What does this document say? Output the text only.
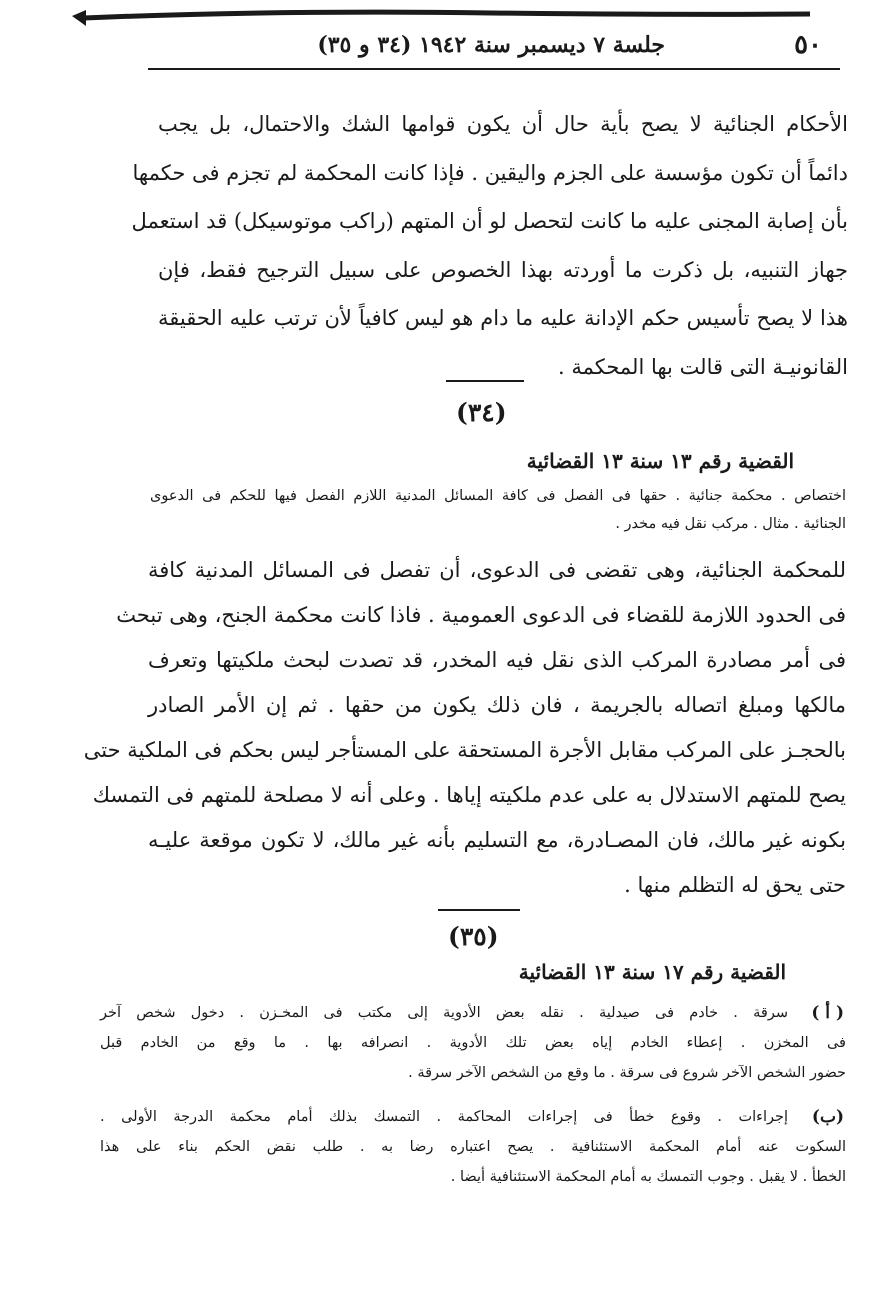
٥٠
جلسة ٧ ديسمبر سنة ١٩٤٢ (٣٤ و ٣٥)
الأحكام الجنائية لا يصح بأية حال أن يكون قوامها الشك والاحتمال، بل يجب
دائماً أن تكون مؤسسة على الجزم واليقين . فإذا كانت المحكمة لم تجزم فى حكمها
بأن إصابة المجنى عليه ما كانت لتحصل لو أن المتهم (راكب موتوسيكل) قد استعمل
جهاز التنبيه، بل ذكرت ما أوردته بهذا الخصوص على سبيل الترجيح فقط، فإن
هذا لا يصح تأسيس حكم الإدانة عليه ما دام هو ليس كافياً لأن ترتب عليه الحقيقة
القانونيـة التى قالت بها المحكمة .
(٣٤)
القضية رقم ١٣ سنة ١٣ القضائية
اختصاص . محكمة جنائية . حقها فى الفصل فى كافة المسائل المدنية اللازم الفصل فيها للحكم فى الدعوى
الجنائية . مثال . مركب نقل فيه مخدر .
للمحكمة الجنائية، وهى تقضى فى الدعوى، أن تفصل فى المسائل المدنية كافة
فى الحدود اللازمة للقضاء فى الدعوى العمومية . فاذا كانت محكمة الجنح، وهى تبحث
فى أمر مصادرة المركب الذى نقل فيه المخدر، قد تصدت لبحث ملكيتها وتعرف
مالكها ومبلغ اتصاله بالجريمة ، فان ذلك يكون من حقها . ثم إن الأمر الصادر
بالحجـز على المركب مقابل الأجرة المستحقة على المستأجر ليس بحكم فى الملكية حتى
يصح للمتهم الاستدلال به على عدم ملكيته إياها . وعلى أنه لا مصلحة للمتهم فى التمسك
بكونه غير مالك، فان المصـادرة، مع التسليم بأنه غير مالك، لا تكون موقعة عليـه
حتى يحق له التظلم منها .
(٣٥)
القضية رقم ١٧ سنة ١٣ القضائية
( أ )
سرقة . خادم فى صيدلية . نقله بعض الأدوية إلى مكتب فى المخـزن . دخول شخص آخر
فى المخزن . إعطاء الخادم إياه بعض تلك الأدوية . انصرافه بها . ما وقع من الخادم قبل
حضور الشخص الآخر شروع فى سرقة . ما وقع من الشخص الآخر سرقة .
(ب)
إجراءات . وقوع خطأ فى إجراءات المحاكمة . التمسك بذلك أمام محكمة الدرجة الأولى .
السكوت عنه أمام المحكمة الاستئنافية . يصح اعتباره رضا به . طلب نقض الحكم بناء على هذا
الخطأ . لا يقبل . وجوب التمسك به أمام المحكمة الاستئنافية أيضا .
